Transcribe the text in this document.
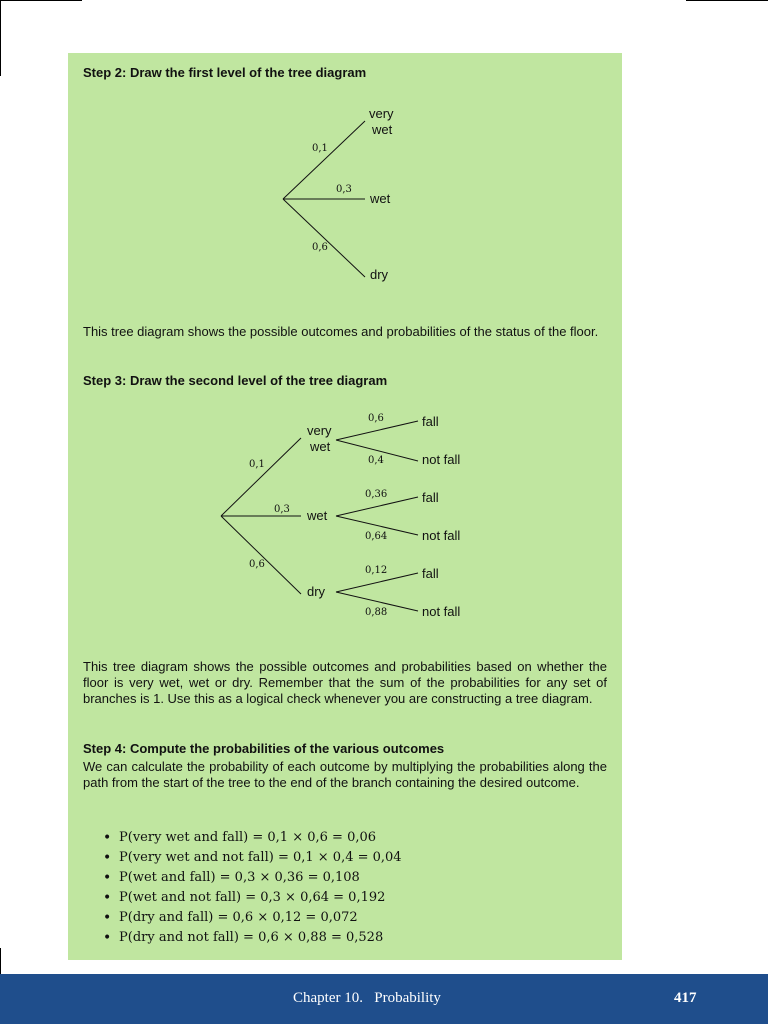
Step 2: Draw the first level of the tree diagram
0,1
0,3
0,6
very
wet
wet
dry
This tree diagram shows the possible outcomes and probabilities of the status of the floor.
Step 3: Draw the second level of the tree diagram
0,1
0,3
0,6
very
wet
wet
dry
0,6
0,4
fall
not fall
0,36
0,64
fall
not fall
0,12
0,88
fall
not fall
This tree diagram shows the possible outcomes and probabilities based on whether the floor is very wet, wet or dry. Remember that the sum of the probabilities for any set of branches is 1. Use this as a logical check whenever you are constructing a tree diagram.
Step 4: Compute the probabilities of the various outcomes
We can calculate the probability of each outcome by multiplying the probabilities along the path from the start of the tree to the end of the branch containing the desired outcome.
• P(very wet and fall) = 0,1 × 0,6 = 0,06
• P(very wet and not fall) = 0,1 × 0,4 = 0,04
• P(wet and fall) = 0,3 × 0,36 = 0,108
• P(wet and not fall) = 0,3 × 0,64 = 0,192
• P(dry and fall) = 0,6 × 0,12 = 0,072
• P(dry and not fall) = 0,6 × 0,88 = 0,528
Chapter 10.   Probability	417
